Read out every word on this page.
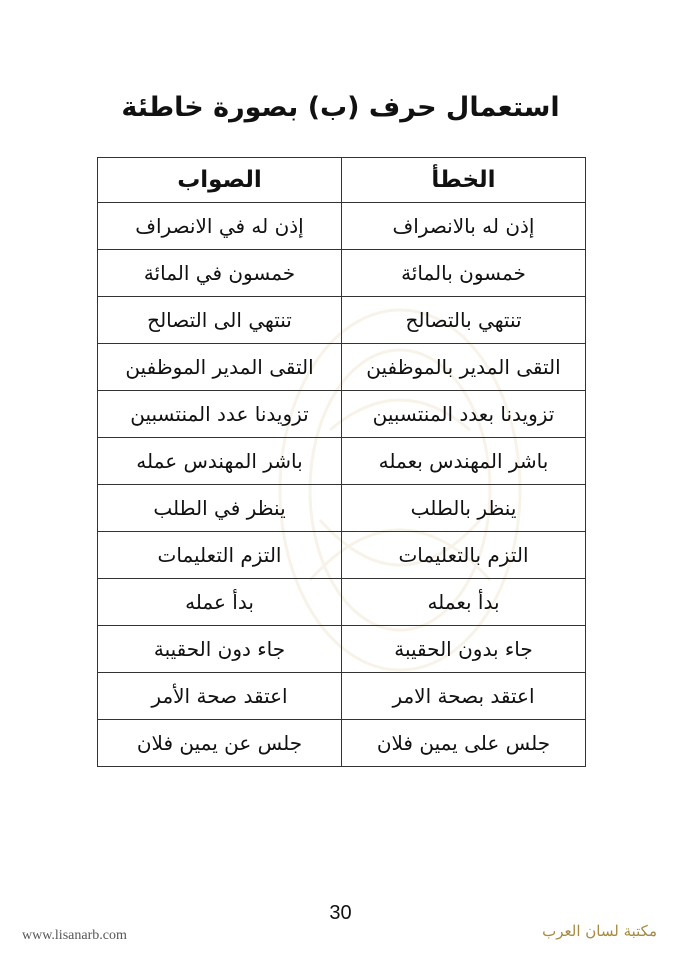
استعمال حرف (ب) بصورة خاطئة
الخطأ	الصواب
إذن له بالانصراف	إذن له في الانصراف
خمسون بالمائة	خمسون في المائة
تنتهي بالتصالح	تنتهي الى التصالح
التقى المدير بالموظفين	التقى المدير الموظفين
تزويدنا بعدد المنتسبين	تزويدنا عدد المنتسبين
باشر المهندس بعمله	باشر المهندس عمله
ينظر بالطلب	ينظر في الطلب
التزم بالتعليمات	التزم التعليمات
بدأ بعمله	بدأ عمله
جاء بدون الحقيبة	جاء دون الحقيبة
اعتقد بصحة الامر	اعتقد صحة الأمر
جلس على يمين فلان	جلس عن يمين فلان
30
www.lisanarb.com	مكتبة لسان العرب
